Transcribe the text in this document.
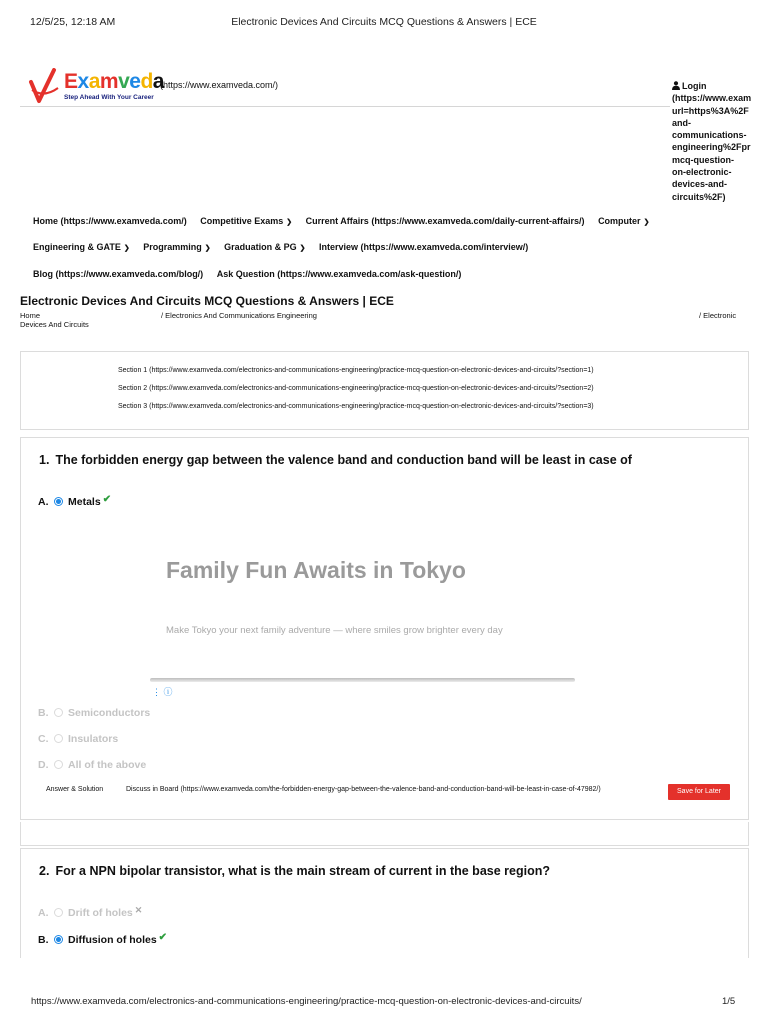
12/5/25, 12:18 AM	Electronic Devices And Circuits MCQ Questions & Answers | ECE
Examveda
Step Ahead With Your Career
(https://www.examveda.com/)	Login
(https://www.exam
url=https%3A%2F
and-
communications-
engineering%2Fpr
mcq-question-
on-electronic-
devices-and-
circuits%2F)
Home (https://www.examveda.com/) Competitive Exams ❯ Current Affairs (https://www.examveda.com/daily-current-affairs/) Computer ❯
Engineering & GATE ❯ Programming ❯ Graduation & PG ❯ Interview (https://www.examveda.com/interview/)
Blog (https://www.examveda.com/blog/) Ask Question (https://www.examveda.com/ask-question/)
Electronic Devices And Circuits MCQ Questions & Answers | ECE
Home	/ Electronics And Communications Engineering	/ Electronic
Devices And Circuits
Section 1 (https://www.examveda.com/electronics-and-communications-engineering/practice-mcq-question-on-electronic-devices-and-circuits/?section=1)
Section 2 (https://www.examveda.com/electronics-and-communications-engineering/practice-mcq-question-on-electronic-devices-and-circuits/?section=2)
Section 3 (https://www.examveda.com/electronics-and-communications-engineering/practice-mcq-question-on-electronic-devices-and-circuits/?section=3)
1. The forbidden energy gap between the valence band and conduction band will be least in case of
A. Metals ✔
Family Fun Awaits in Tokyo
Make Tokyo your next family adventure — where smiles grow brighter every day
⋮ ⓘ
B. Semiconductors
C. Insulators
D. All of the above
Answer & Solution	Discuss in Board (https://www.examveda.com/the-forbidden-energy-gap-between-the-valence-band-and-conduction-band-will-be-least-in-case-of-47982/)	Save for Later
2. For a NPN bipolar transistor, what is the main stream of current in the base region?
A. Drift of holes ✕
B. Diffusion of holes ✔
https://www.examveda.com/electronics-and-communications-engineering/practice-mcq-question-on-electronic-devices-and-circuits/	1/5
